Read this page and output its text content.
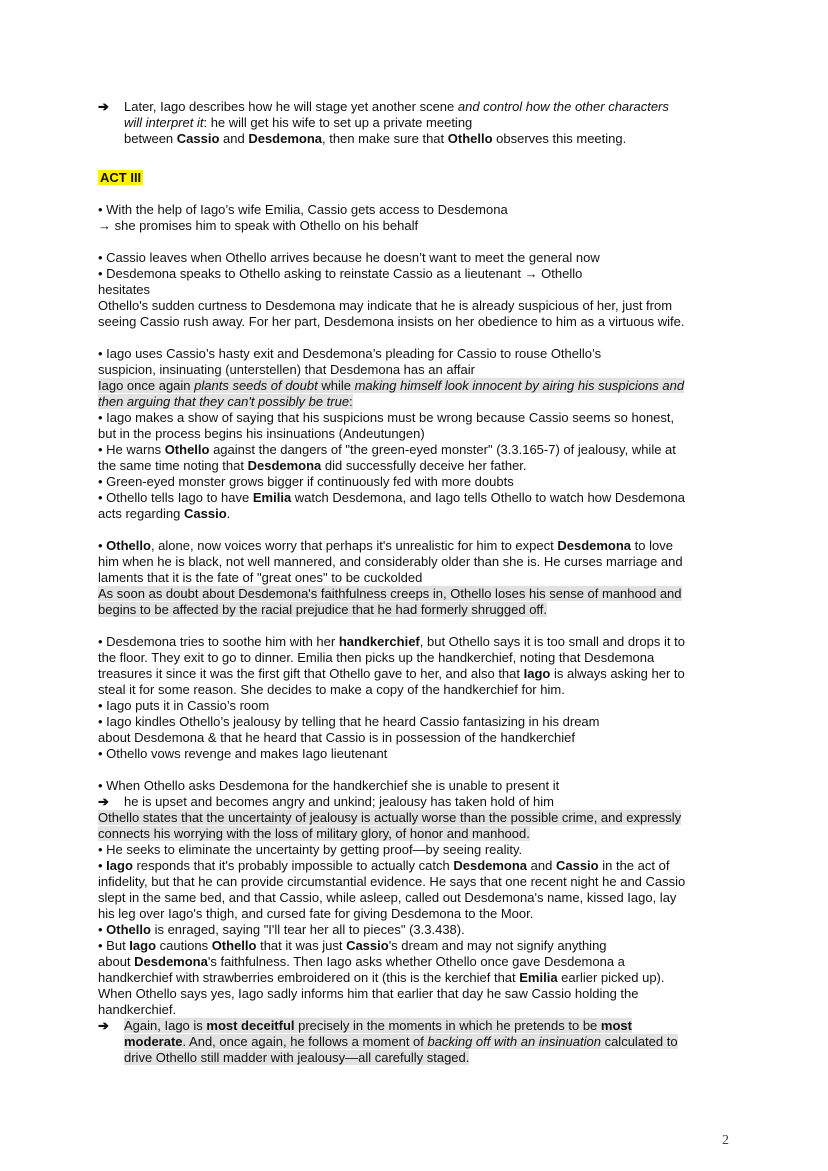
➔ Later, Iago describes how he will stage yet another scene and control how the other characters
will interpret it: he will get his wife to set up a private meeting
between Cassio and Desdemona, then make sure that Othello observes this meeting.
ACT III
• With the help of Iago’s wife Emilia, Cassio gets access to Desdemona
→ she promises him to speak with Othello on his behalf
• Cassio leaves when Othello arrives because he doesn’t want to meet the general now
• Desdemona speaks to Othello asking to reinstate Cassio as a lieutenant → Othello
hesitates
Othello's sudden curtness to Desdemona may indicate that he is already suspicious of her, just from
seeing Cassio rush away. For her part, Desdemona insists on her obedience to him as a virtuous wife.
• Iago uses Cassio’s hasty exit and Desdemona’s pleading for Cassio to rouse Othello’s
suspicion, insinuating (unterstellen) that Desdemona has an affair
Iago once again plants seeds of doubt while making himself look innocent by airing his suspicions and
then arguing that they can't possibly be true:
• Iago makes a show of saying that his suspicions must be wrong because Cassio seems so honest,
but in the process begins his insinuations (Andeutungen)
• He warns Othello against the dangers of "the green-eyed monster" (3.3.165-7) of jealousy, while at
the same time noting that Desdemona did successfully deceive her father.
• Green-eyed monster grows bigger if continuously fed with more doubts
• Othello tells Iago to have Emilia watch Desdemona, and Iago tells Othello to watch how Desdemona
acts regarding Cassio.
• Othello, alone, now voices worry that perhaps it's unrealistic for him to expect Desdemona to love
him when he is black, not well mannered, and considerably older than she is. He curses marriage and
laments that it is the fate of "great ones" to be cuckolded
As soon as doubt about Desdemona's faithfulness creeps in, Othello loses his sense of manhood and
begins to be affected by the racial prejudice that he had formerly shrugged off.
• Desdemona tries to soothe him with her handkerchief, but Othello says it is too small and drops it to
the floor. They exit to go to dinner. Emilia then picks up the handkerchief, noting that Desdemona
treasures it since it was the first gift that Othello gave to her, and also that Iago is always asking her to
steal it for some reason. She decides to make a copy of the handkerchief for him.
• Iago puts it in Cassio’s room
• Iago kindles Othello’s jealousy by telling that he heard Cassio fantasizing in his dream
about Desdemona & that he heard that Cassio is in possession of the handkerchief
• Othello vows revenge and makes Iago lieutenant
• When Othello asks Desdemona for the handkerchief she is unable to present it
➔ he is upset and becomes angry and unkind; jealousy has taken hold of him
Othello states that the uncertainty of jealousy is actually worse than the possible crime, and expressly
connects his worrying with the loss of military glory, of honor and manhood.
• He seeks to eliminate the uncertainty by getting proof—by seeing reality.
• Iago responds that it's probably impossible to actually catch Desdemona and Cassio in the act of
infidelity, but that he can provide circumstantial evidence. He says that one recent night he and Cassio
slept in the same bed, and that Cassio, while asleep, called out Desdemona's name, kissed Iago, lay
his leg over Iago's thigh, and cursed fate for giving Desdemona to the Moor.
• Othello is enraged, saying "I'll tear her all to pieces" (3.3.438).
• But Iago cautions Othello that it was just Cassio's dream and may not signify anything
about Desdemona's faithfulness. Then Iago asks whether Othello once gave Desdemona a
handkerchief with strawberries embroidered on it (this is the kerchief that Emilia earlier picked up).
When Othello says yes, Iago sadly informs him that earlier that day he saw Cassio holding the
handkerchief.
➔ Again, Iago is most deceitful precisely in the moments in which he pretends to be most
moderate. And, once again, he follows a moment of backing off with an insinuation calculated to
drive Othello still madder with jealousy—all carefully staged.
2
